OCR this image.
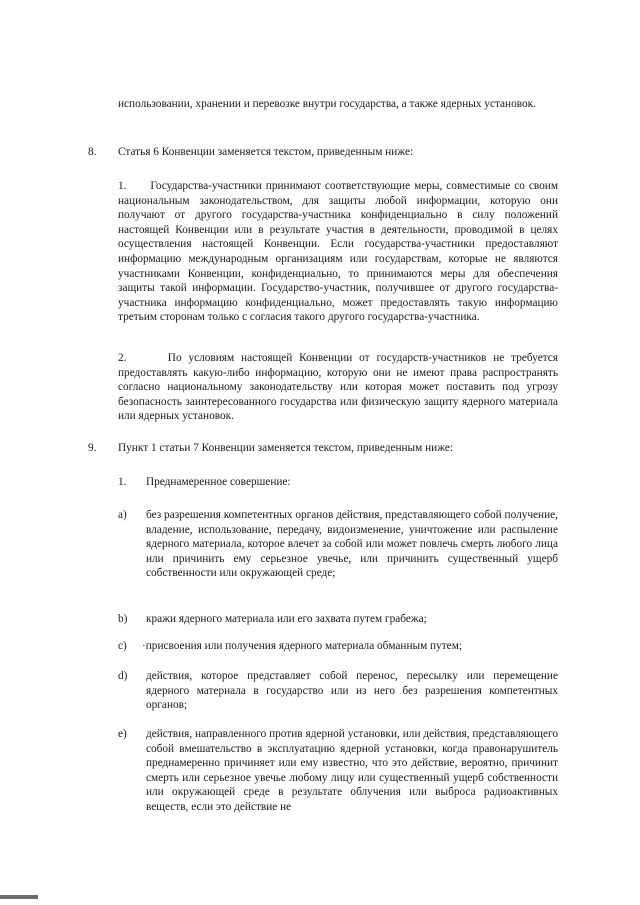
использовании, хранении и перевозке внутри государства, а также ядерных установок.

8. Статья 6 Конвенции заменяется текстом, приведенным ниже:

1. Государства-участники принимают соответствующие меры, совместимые со своим национальным законодательством, для защиты любой информации, которую они получают от другого государства-участника конфиденциально в силу положений настоящей Конвенции или в результате участия в деятельности, проводимой в целях осуществления настоящей Конвенции. Если государства-участники предоставляют информацию международным организациям или государствам, которые не являются участниками Конвенции, конфиденциально, то принимаются меры для обеспечения защиты такой информации. Государство-участник, получившее от другого государства-участника информацию конфиденциально, может предоставлять такую информацию третьим сторонам только с согласия такого другого государства-участника.

2.	По условиям настоящей Конвенции от государств-участников не требуется предоставлять какую-либо информацию, которую они не имеют права распространять согласно национальному законодательству или которая может поставить под угрозу безопасность заинтересованного государства или физическую защиту ядерного материала или ядерных установок.

9. Пункт 1 статьи 7 Конвенции заменяется текстом, приведенным ниже:

1. Преднамеренное совершение:

a) без разрешения компетентных органов действия, представляющего собой получение, владение, использование, передачу, видоизменение, уничтожение или распыление ядерного материала, которое влечет за собой или может повлечь смерть любого лица или причинить ему серьезное увечье, или причинить существенный ущерб собственности или окружающей среде;

b) кражи ядерного материала или его захвата путем грабежа;

c) ·присвоения или получения ядерного материала обманным путем;

d) действия, которое представляет собой перенос, пересылку или перемещение ядерного материала в государство или из него без разрешения компетентных органов;

e) действия, направленного против ядерной установки, или действия, представляющего собой вмешательство в эксплуатацию ядерной установки, когда правонарушитель преднамеренно причиняет или ему известно, что это действие, вероятно, причинит смерть или серьезное увечье любому лицу или существенный ущерб собственности или окружающей среде в результате облучения или выброса радиоактивных веществ, если это действие не
